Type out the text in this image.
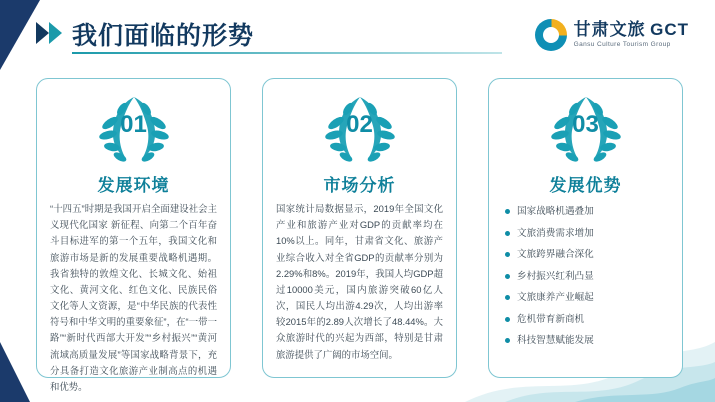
我们面临的形势	甘肃文旅 GCT
Gansu Culture Tourism Group
01
发展环境
“十四五”时期是我国开启全面建设社会主义现代化国家 新征程、向第二个百年奋斗目标进军的第一个五年，我国文化和旅游市场是新的发展重要战略机遇期。我省独特的敦煌文化、长城文化、始祖文化、黄河文化、红色文化、民族民俗文化等人文资源，是“中华民族的代表性符号和中华文明的重要象征”，在“一带一路”“新时代西部大开发”“乡村振兴”“黄河流域高质量发展”等国家战略背景下，充分具备打造文化旅游产业制高点的机遇和优势。
02
市场分析
国家统计局数据显示，2019年全国文化产业和旅游产业对GDP的贡献率均在10%以上。同年，甘肃省文化、旅游产业综合收入对全省GDP的贡献率分别为2.29%和8%。2019年，我国人均GDP超过10000美元，国内旅游突破60亿人次，国民人均出游4.29次，人均出游率较2015年的2.89人次增长了48.44%。大众旅游时代的兴起为西部，特别是甘肃旅游提供了广阔的市场空间。
03
发展优势
国家战略机遇叠加
文旅消费需求增加
文旅跨界融合深化
乡村振兴红利凸显
文旅康养产业崛起
危机带育新商机
科技智慧赋能发展
